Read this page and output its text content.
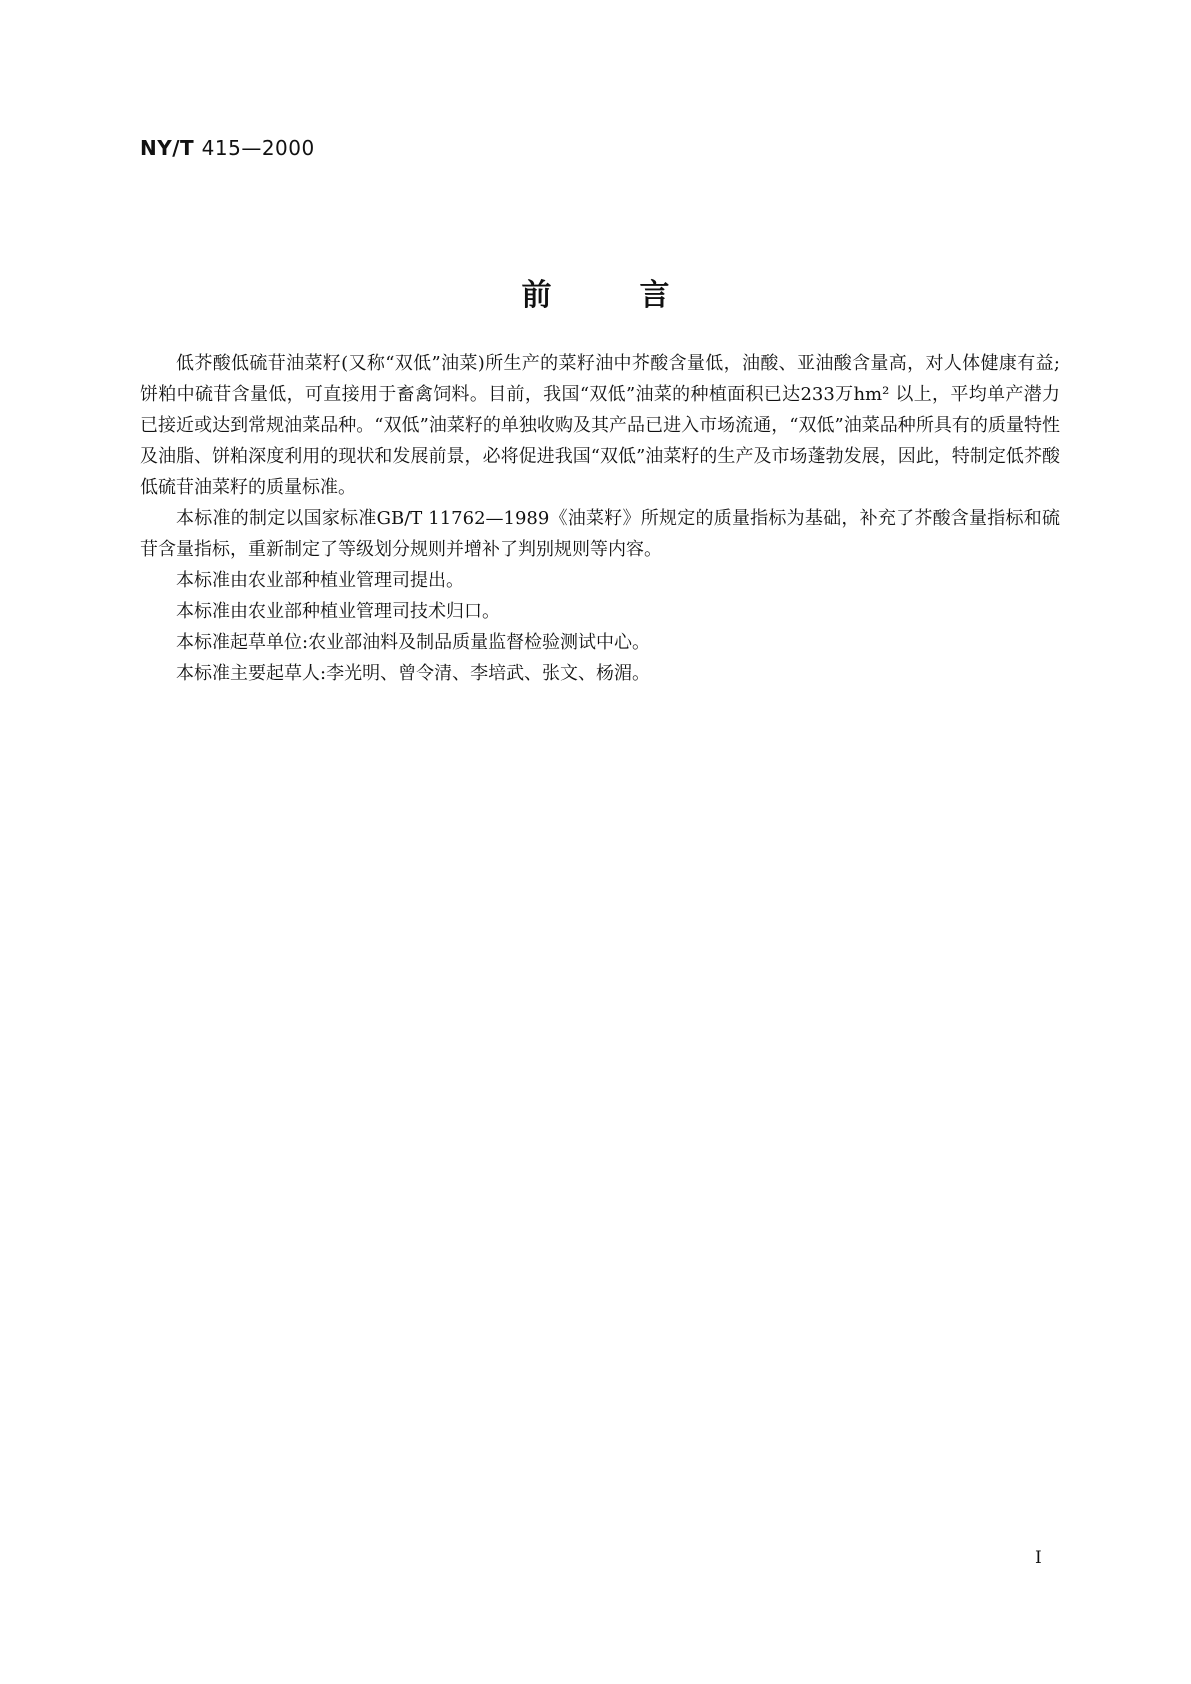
NY/T 415—2000
前言

低芥酸低硫苷油菜籽(又称“双低”油菜)所生产的菜籽油中芥酸含量低，油酸、亚油酸含量高，对人体健康有益;饼粕中硫苷含量低，可直接用于畜禽饲料。目前，我国“双低”油菜的种植面积已达233万hm² 以上，平均单产潜力已接近或达到常规油菜品种。“双低”油菜籽的单独收购及其产品已进入市场流通，“双低”油菜品种所具有的质量特性及油脂、饼粕深度利用的现状和发展前景，必将促进我国“双低”油菜籽的生产及市场蓬勃发展，因此，特制定低芥酸低硫苷油菜籽的质量标准。

本标准的制定以国家标准GB/T 11762—1989《油菜籽》所规定的质量指标为基础，补充了芥酸含量指标和硫苷含量指标，重新制定了等级划分规则并增补了判别规则等内容。

本标准由农业部种植业管理司提出。

本标准由农业部种植业管理司技术归口。

本标准起草单位:农业部油料及制品质量监督检验测试中心。

本标准主要起草人:李光明、曾令清、李培武、张文、杨湄。

I
